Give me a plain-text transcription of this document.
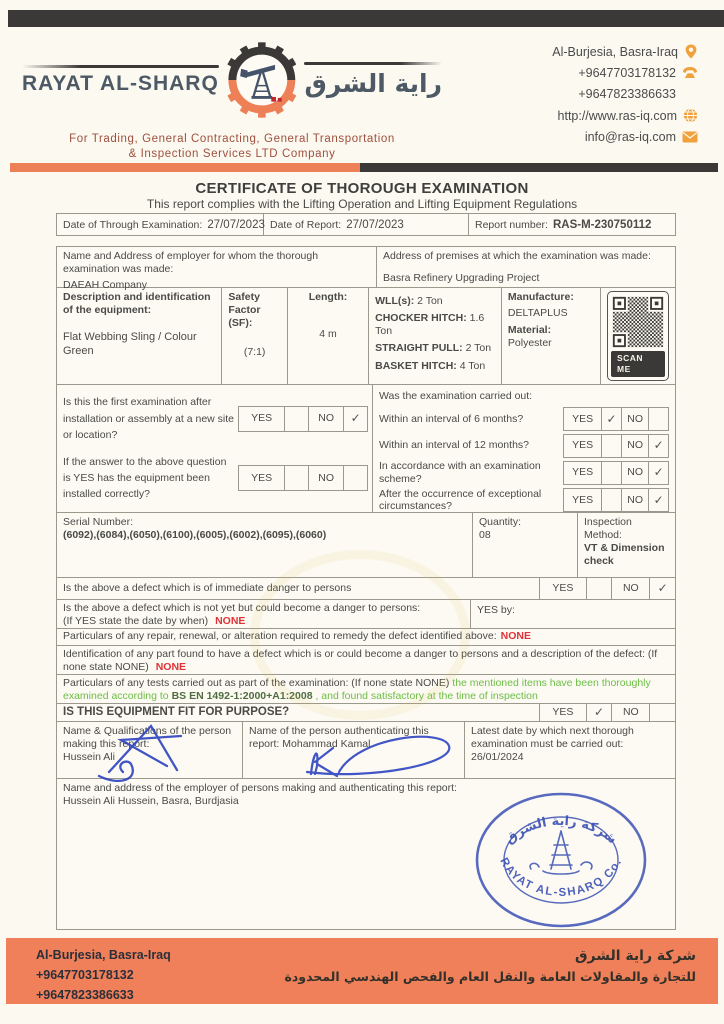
RAYAT AL-SHARQ	راية الشرق
For Trading, General Contracting, General Transportation
& Inspection Services LTD Company
Al-Burjesia, Basra-Iraq
+9647703178132
+9647823386633
http://www.ras-iq.com
info@ras-iq.com
CERTIFICATE OF THOROUGH EXAMINATION
This report complies with the Lifting Operation and Lifting Equipment Regulations
Date of Through Examination: 27/07/2023 Date of Report: 27/07/2023	Report number: RAS-M-230750112
Name and Address of employer for whom the thorough examination was made:
DAEAH Company
Address of premises at which the examination was made:
Basra Refinery Upgrading Project
Description and identification of the equipment:
Flat Webbing Sling / Colour Green
Safety Factor (SF):
(7:1)
Length:
4 m
WLL(s): 2 Ton
CHOCKER HITCH: 1.6 Ton
STRAIGHT PULL: 2 Ton
BASKET HITCH: 4 Ton
Manufacture:
DELTAPLUS
Material:
Polyester
SCAN ME
Is this the first examination after installation or assembly at a new site or location?
YES	NO	✓
If the answer to the above question is YES has the equipment been installed correctly?
YES	NO
Was the examination carried out:
Within an interval of 6 months?	YES	✓	NO
Within an interval of 12 months?	YES	NO ✓
In accordance with an examination scheme?
YES	NO ✓
After the occurrence of exceptional circumstances?
YES	NO ✓
Serial Number:
(6092),(6084),(6050),(6100),(6005),(6002),(6095),(6060)
Quantity:
08
Inspection Method:
VT & Dimension check
Is the above a defect which is of immediate danger to persons	YES	NO	✓
Is the above a defect which is not yet but could become a danger to persons:
(If YES state the date by when) NONE
YES by:
Particulars of any repair, renewal, or alteration required to remedy the defect identified above: NONE
Identification of any part found to have a defect which is or could become a danger to persons and a description of the defect: (If none state NONE) NONE
Particulars of any tests carried out as part of the examination: (If none state NONE) the mentioned items have been thoroughly examined according to BS EN 1492-1:2000+A1:2008 , and found satisfactory at the time of inspection
IS THIS EQUIPMENT FIT FOR PURPOSE?	YES	✓	NO
Name & Qualifications of the person making this report:
Hussein Ali
Name of the person authenticating this report: Mohammad Kamal
Latest date by which next thorough examination must be carried out:
26/01/2024
Name and address of the employer of persons making and authenticating this report:
Hussein Ali Hussein, Basra, Burdjasia
شركة راية الشرق
RAYAT AL-SHARQ Co.
Al-Burjesia, Basra-Iraq
+9647703178132
+9647823386633
شركة راية الشرق
للتجارة والمقاولات العامة والنقل العام والفحص الهندسي المحدودة
